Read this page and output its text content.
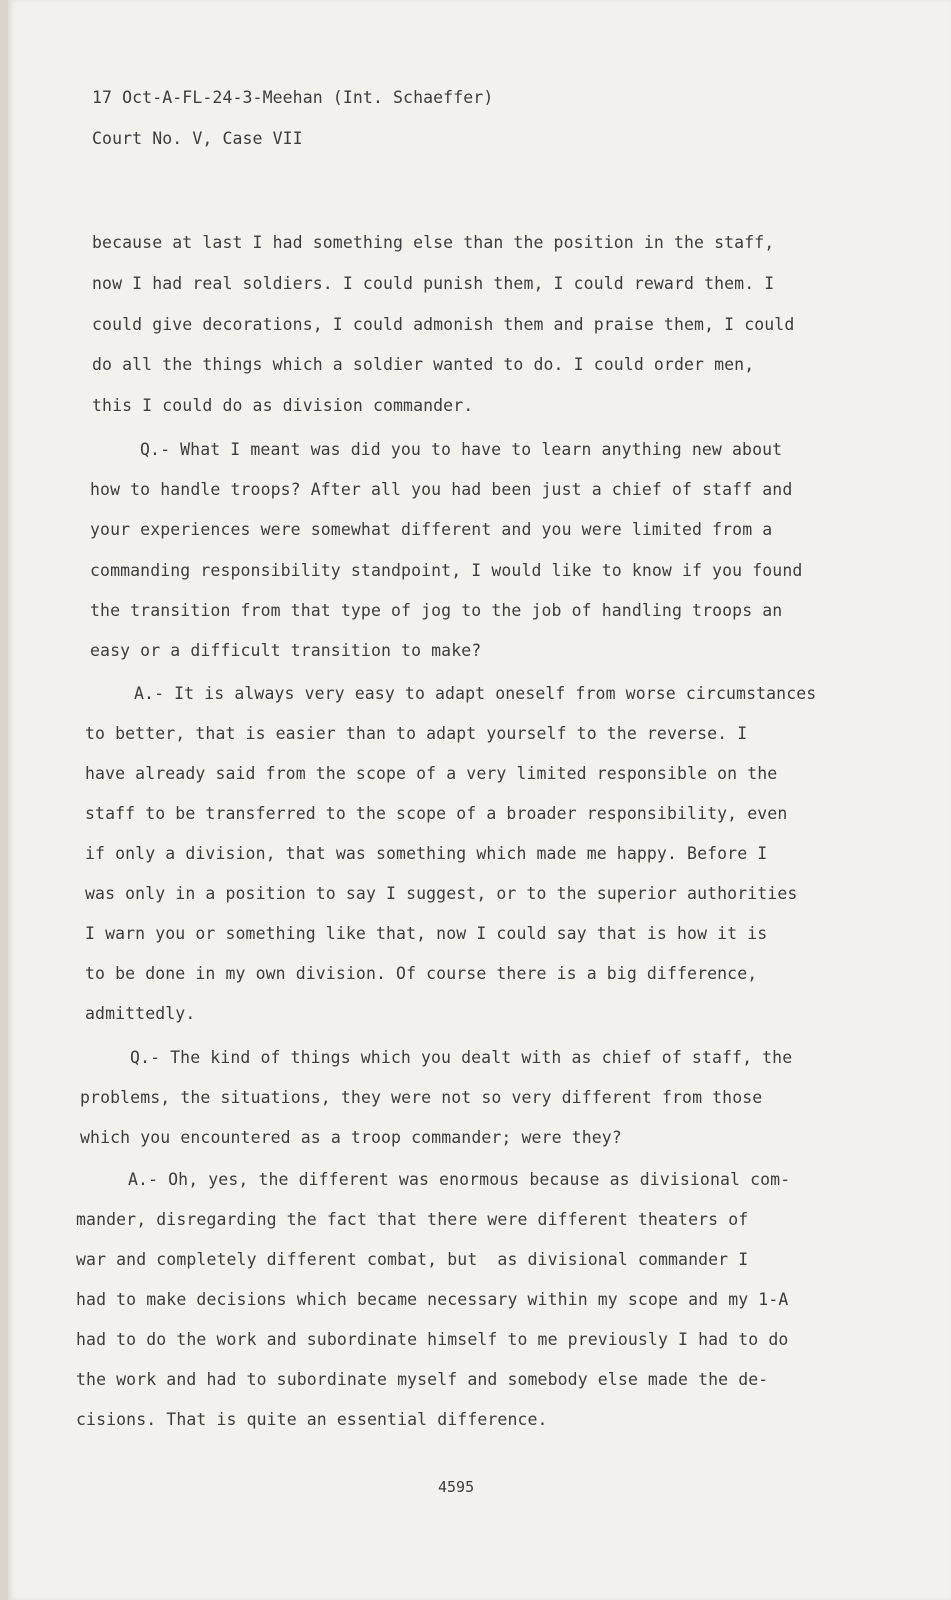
17 Oct-A-FL-24-3-Meehan (Int. Schaeffer)
Court No. V, Case VII
because at last I had something else than the position in the staff,
now I had real soldiers. I could punish them, I could reward them. I
could give decorations, I could admonish them and praise them, I could
do all the things which a soldier wanted to do. I could order men,
this I could do as division commander.
Q.- What I meant was did you to have to learn anything new about
how to handle troops? After all you had been just a chief of staff and
your experiences were somewhat different and you were limited from a
commanding responsibility standpoint, I would like to know if you found
the transition from that type of jog to the job of handling troops an
easy or a difficult transition to make?
A.- It is always very easy to adapt oneself from worse circumstances
to better, that is easier than to adapt yourself to the reverse. I
have already said from the scope of a very limited responsible on the
staff to be transferred to the scope of a broader responsibility, even
if only a division, that was something which made me happy. Before I
was only in a position to say I suggest, or to the superior authorities
I warn you or something like that, now I could say that is how it is
to be done in my own division. Of course there is a big difference,
admittedly.
Q.- The kind of things which you dealt with as chief of staff, the
problems, the situations, they were not so very different from those
which you encountered as a troop commander; were they?
A.- Oh, yes, the different was enormous because as divisional com-
mander, disregarding the fact that there were different theaters of
war and completely different combat, but  as divisional commander I
had to make decisions which became necessary within my scope and my 1-A
had to do the work and subordinate himself to me previously I had to do
the work and had to subordinate myself and somebody else made the de-
cisions. That is quite an essential difference.
4595
